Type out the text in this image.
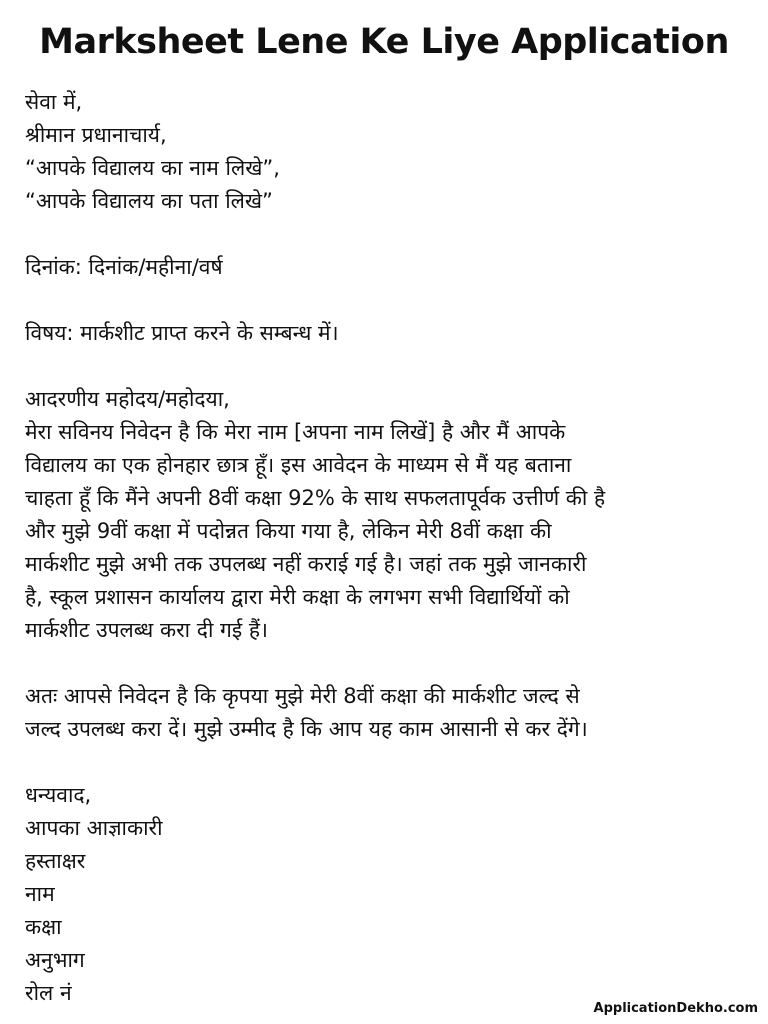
Marksheet Lene Ke Liye Application
सेवा में,
श्रीमान प्रधानाचार्य,
“आपके विद्यालय का नाम लिखे”,
“आपके विद्यालय का पता लिखे”
दिनांक: दिनांक/महीना/वर्ष
विषय: मार्कशीट प्राप्त करने के सम्बन्ध में।
आदरणीय महोदय/महोदया,
मेरा सविनय निवेदन है कि मेरा नाम [अपना नाम लिखें] है और मैं आपके
विद्यालय का एक होनहार छात्र हूँ। इस आवेदन के माध्यम से मैं यह बताना
चाहता हूँ कि मैंने अपनी 8वीं कक्षा 92% के साथ सफलतापूर्वक उत्तीर्ण की है
और मुझे 9वीं कक्षा में पदोन्नत किया गया है, लेकिन मेरी 8वीं कक्षा की
मार्कशीट मुझे अभी तक उपलब्ध नहीं कराई गई है। जहां तक मुझे जानकारी
है, स्कूल प्रशासन कार्यालय द्वारा मेरी कक्षा के लगभग सभी विद्यार्थियों को
मार्कशीट उपलब्ध करा दी गई हैं।
अतः आपसे निवेदन है कि कृपया मुझे मेरी 8वीं कक्षा की मार्कशीट जल्द से
जल्द उपलब्ध करा दें। मुझे उम्मीद है कि आप यह काम आसानी से कर देंगे।
धन्यवाद,
आपका आज्ञाकारी
हस्ताक्षर
नाम
कक्षा
अनुभाग
रोल नं
ApplicationDekho.com
